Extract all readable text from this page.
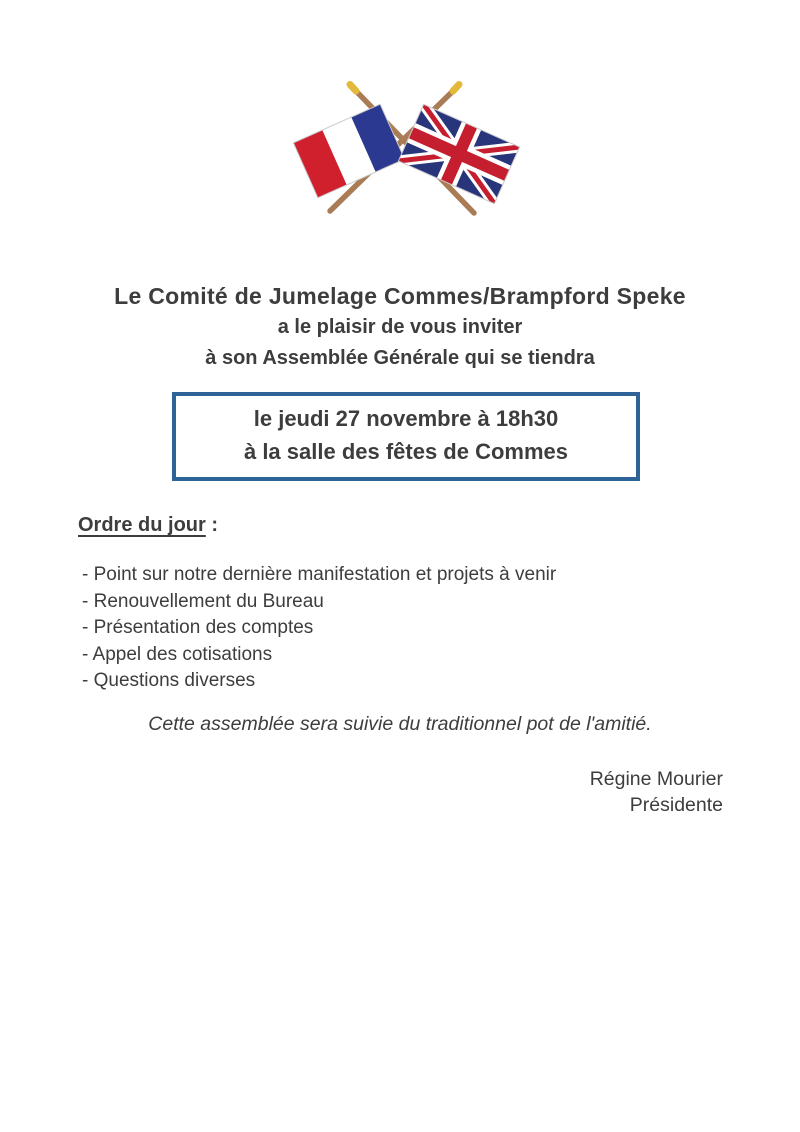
Le Comité de Jumelage Commes/Brampford Speke
a le plaisir de vous inviter
à son Assemblée Générale qui se tiendra
le jeudi 27 novembre à 18h30
à la salle des fêtes de Commes
Ordre du jour :
- Point sur notre dernière manifestation et projets à venir
- Renouvellement du Bureau
- Présentation des comptes
- Appel des cotisations
- Questions diverses
Cette assemblée sera suivie du traditionnel pot de l'amitié.
Régine Mourier
Présidente
